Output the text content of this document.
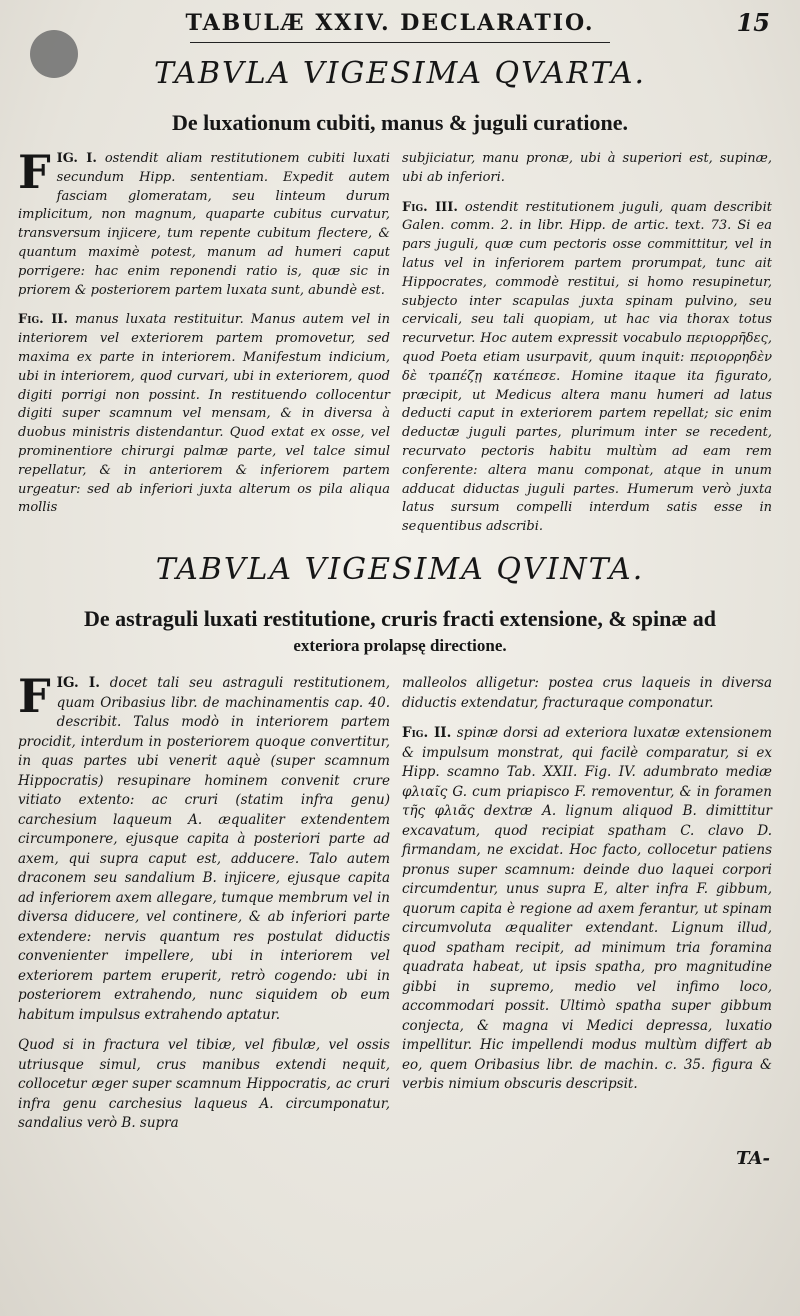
TABULÆ XXIV. DECLARATIO.	15
TABVLA VIGESIMA QVARTA.
De luxationum cubiti, manus & juguli curatione.

FIG. I. ostendit aliam restitutionem cubiti luxati secundum Hipp. sententiam. Expedit autem fasciam glomeratam, seu linteum durum implicitum, non magnum, quaparte cubitus curvatur, transversum injicere, tum repente cubitum flectere, & quantum maximè potest, manum ad humeri caput porrigere: hac enim reponendi ratio is, quæ sic in priorem & posteriorem partem luxata sunt, abundè est.

Fig. II. manus luxata restituitur. Manus autem vel in interiorem vel exteriorem partem promovetur, sed maxima ex parte in interiorem. Manifestum indicium, ubi in interiorem, quod curvari, ubi in exteriorem, quod digiti porrigi non possint. In restituendo collocentur digiti super scamnum vel mensam, & in diversa à duobus ministris distendantur. Quod extat ex osse, vel prominentiore chirurgi palmæ parte, vel talce simul repellatur, & in anteriorem & inferiorem partem urgeatur: sed ab inferiori juxta alterum os pila aliqua mollis

subjiciatur, manu pronæ, ubi à superiori est, supinæ, ubi ab inferiori.

Fig. III. ostendit restitutionem juguli, quam describit Galen. comm. 2. in libr. Hipp. de artic. text. 73. Si ea pars juguli, quæ cum pectoris osse committitur, vel in latus vel in inferiorem partem prorumpat, tunc ait Hippocrates, commodè restitui, si homo resupinetur, subjecto inter scapulas juxta spinam pulvino, seu cervicali, seu tali quopiam, ut hac via thorax totus recurvetur. Hoc autem expressit vocabulo περιορρῆδες, quod Poeta etiam usurpavit, quum inquit: περιορρηδὲν δὲ τραπέζῃ κατέπεσε. Homine itaque ita figurato, præcipit, ut Medicus altera manu humeri ad latus deducti caput in exteriorem partem repellat; sic enim deductæ juguli partes, plurimum inter se recedent, recurvato pectoris habitu multùm ad eam rem conferente: altera manu componat, atque in unum adducat diductas juguli partes. Humerum verò juxta latus sursum compelli interdum satis esse in sequentibus adscribi.

TABVLA VIGESIMA QVINTA.
De astraguli luxati restitutione, cruris fracti extensione, & spinæ ad
exteriora prolapsę directione.

FIG. I. docet tali seu astraguli restitutionem, quam Oribasius libr. de machinamentis cap. 40. describit. Talus modò in interiorem partem procidit, interdum in posteriorem quoque convertitur, in quas partes ubi venerit aquè (super scamnum Hippocratis) resupinare hominem convenit crure vitiato extento: ac cruri (statim infra genu) carchesium laqueum A. æqualiter extendentem circumponere, ejusque capita à posteriori parte ad axem, qui supra caput est, adducere. Talo autem draconem seu sandalium B. injicere, ejusque capita ad inferiorem axem allegare, tumque membrum vel in diversa diducere, vel continere, & ab inferiori parte extendere: nervis quantum res postulat diductis convenienter impellere, ubi in interiorem vel exteriorem partem eruperit, retrò cogendo: ubi in posteriorem extrahendo, nunc siquidem ob eum habitum impulsus extrahendo aptatur.

Quod si in fractura vel tibiæ, vel fibulæ, vel ossis utriusque simul, crus manibus extendi nequit, collocetur æger super scamnum Hippocratis, ac cruri infra genu carchesius laqueus A. circumponatur, sandalius verò B. supra

malleolos alligetur: postea crus laqueis in diversa diductis extendatur, fracturaque componatur.

Fig. II. spinæ dorsi ad exteriora luxatæ extensionem & impulsum monstrat, qui facilè comparatur, si ex Hipp. scamno Tab. XXII. Fig. IV. adumbrato mediæ φλιαῖς G. cum priapisco F. removentur, & in foramen τῆς φλιᾶς dextræ A. lignum aliquod B. dimittitur excavatum, quod recipiat spatham C. clavo D. firmandam, ne excidat. Hoc facto, collocetur patiens pronus super scamnum: deinde duo laquei corpori circumdentur, unus supra E, alter infra F. gibbum, quorum capita è regione ad axem ferantur, ut spinam circumvoluta æqualiter extendant. Lignum illud, quod spatham recipit, ad minimum tria foramina quadrata habeat, ut ipsis spatha, pro magnitudine gibbi in supremo, medio vel infimo loco, accommodari possit. Ultimò spatha super gibbum conjecta, & magna vi Medici depressa, luxatio impellitur. Hic impellendi modus multùm differt ab eo, quem Oribasius libr. de machin. c. 35. figura & verbis nimium obscuris descripsit.

TA-
